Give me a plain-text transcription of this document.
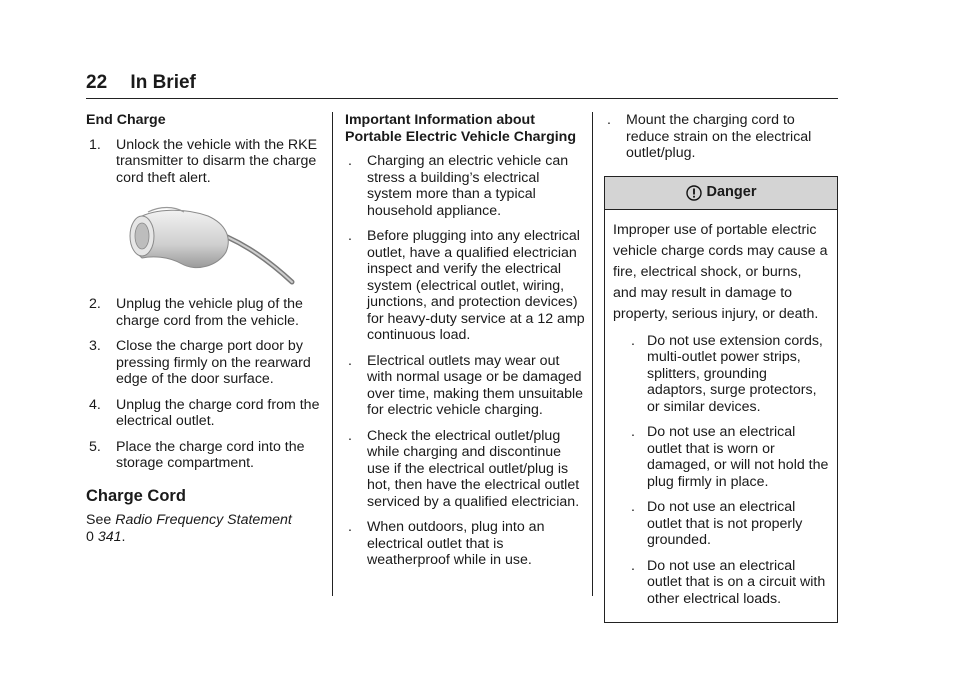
22 In Brief
End Charge
1. Unlock the vehicle with the RKE transmitter to disarm the charge cord theft alert.
2. Unplug the vehicle plug of the charge cord from the vehicle.
3. Close the charge port door by pressing firmly on the rearward edge of the door surface.
4. Unplug the charge cord from the electrical outlet.
5. Place the charge cord into the storage compartment.
Charge Cord
See Radio Frequency Statement
0 341.
Important Information about Portable Electric Vehicle Charging
. Charging an electric vehicle can stress a building’s electrical system more than a typical household appliance.
. Before plugging into any electrical outlet, have a qualified electrician inspect and verify the electrical system (electrical outlet, wiring, junctions, and protection devices) for heavy-duty service at a 12 amp continuous load.
. Electrical outlets may wear out with normal usage or be damaged over time, making them unsuitable for electric vehicle charging.
. Check the electrical outlet/plug while charging and discontinue use if the electrical outlet/plug is hot, then have the electrical outlet serviced by a qualified electrician.
. When outdoors, plug into an electrical outlet that is weatherproof while in use.
. Mount the charging cord to reduce strain on the electrical outlet/plug.
Danger
Improper use of portable electric vehicle charge cords may cause a fire, electrical shock, or burns, and may result in damage to property, serious injury, or death.
. Do not use extension cords, multi-outlet power strips, splitters, grounding adaptors, surge protectors, or similar devices.
. Do not use an electrical outlet that is worn or damaged, or will not hold the plug firmly in place.
. Do not use an electrical outlet that is not properly grounded.
. Do not use an electrical outlet that is on a circuit with other electrical loads.
